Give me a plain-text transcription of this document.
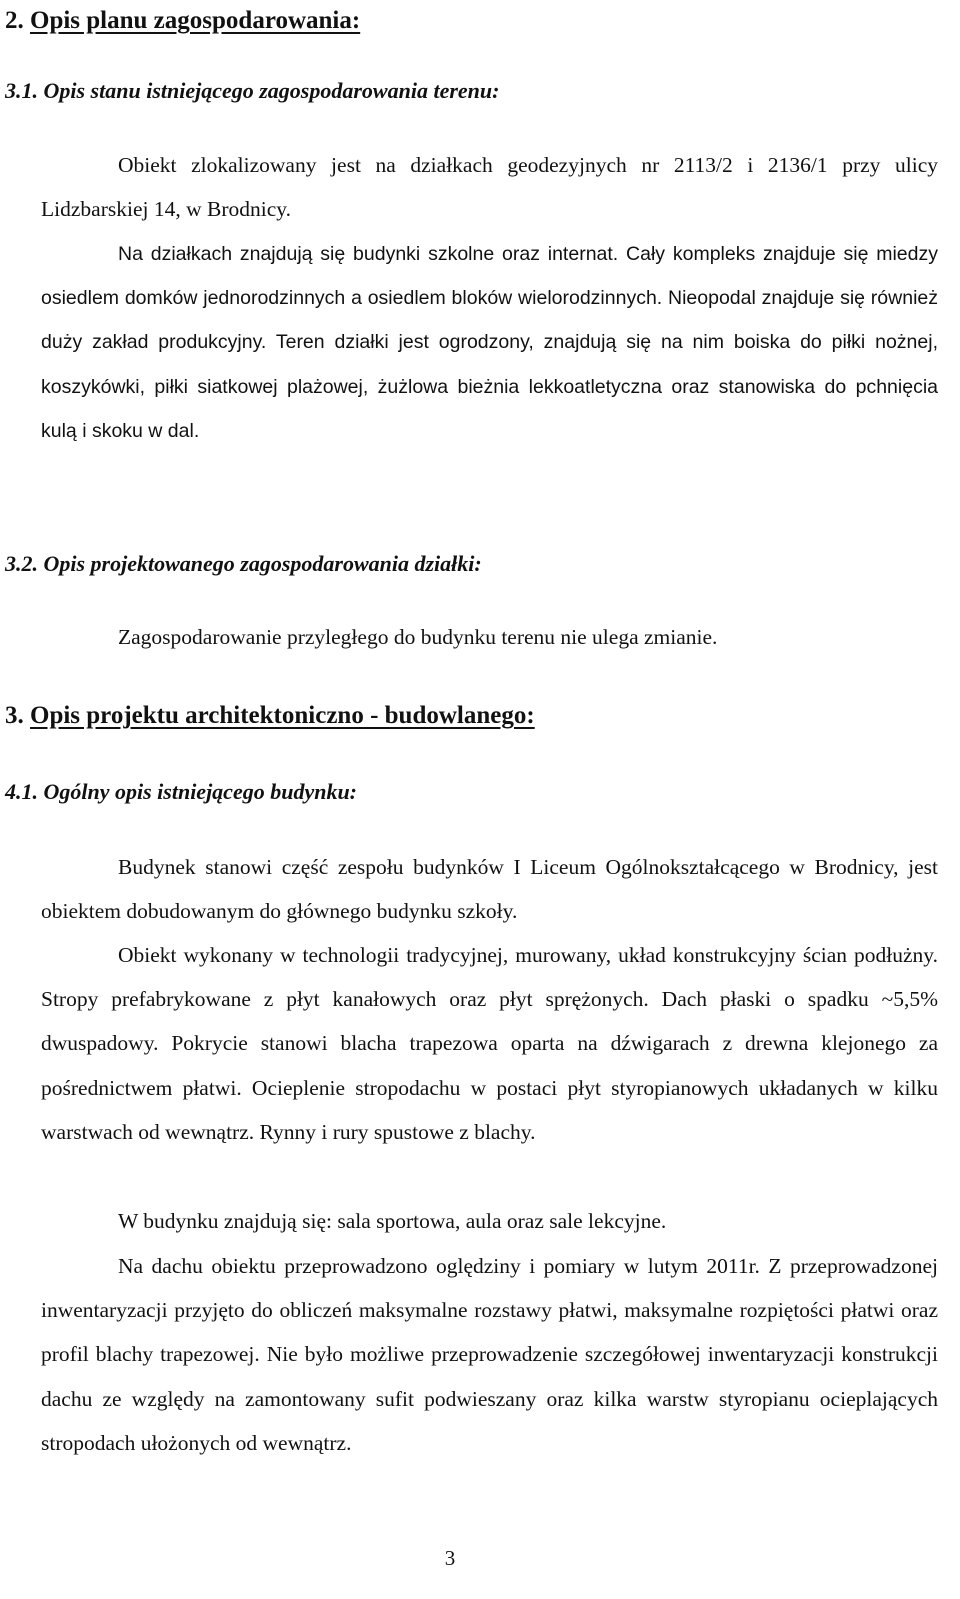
2. Opis planu zagospodarowania:
3.1. Opis stanu istniejącego zagospodarowania terenu:

Obiekt zlokalizowany jest na działkach geodezyjnych nr 2113/2 i 2136/1 przy ulicy Lidzbarskiej 14, w Brodnicy.

Na działkach znajdują się budynki szkolne oraz internat. Cały kompleks znajduje się miedzy osiedlem domków jednorodzinnych a osiedlem bloków wielorodzinnych. Nieopodal znajduje się również duży zakład produkcyjny. Teren działki jest ogrodzony, znajdują się na nim boiska do piłki nożnej, koszykówki, piłki siatkowej plażowej, żużlowa bieżnia lekkoatletyczna oraz stanowiska do pchnięcia kulą i skoku w dal.

3.2. Opis projektowanego zagospodarowania działki:

Zagospodarowanie przyległego do budynku terenu nie ulega zmianie.

3. Opis projektu architektoniczno - budowlanego:
4.1. Ogólny opis istniejącego budynku:

Budynek stanowi część zespołu budynków I Liceum Ogólnokształcącego w Brodnicy, jest obiektem dobudowanym do głównego budynku szkoły.

Obiekt wykonany w technologii tradycyjnej, murowany, układ konstrukcyjny ścian podłużny. Stropy prefabrykowane z płyt kanałowych oraz płyt sprężonych. Dach płaski o spadku ~5,5% dwuspadowy. Pokrycie stanowi blacha trapezowa oparta na dźwigarach z drewna klejonego za pośrednictwem płatwi. Ocieplenie stropodachu w postaci płyt styropianowych układanych w kilku warstwach od wewnątrz. Rynny i rury spustowe z blachy.

W budynku znajdują się: sala sportowa, aula oraz sale lekcyjne.

Na dachu obiektu przeprowadzono oględziny i pomiary w lutym 2011r. Z przeprowadzonej inwentaryzacji przyjęto do obliczeń maksymalne rozstawy płatwi, maksymalne rozpiętości płatwi oraz profil blachy trapezowej. Nie było możliwe przeprowadzenie szczegółowej inwentaryzacji konstrukcji dachu ze względy na zamontowany sufit podwieszany oraz kilka warstw styropianu ocieplających stropodach ułożonych od wewnątrz.

3
